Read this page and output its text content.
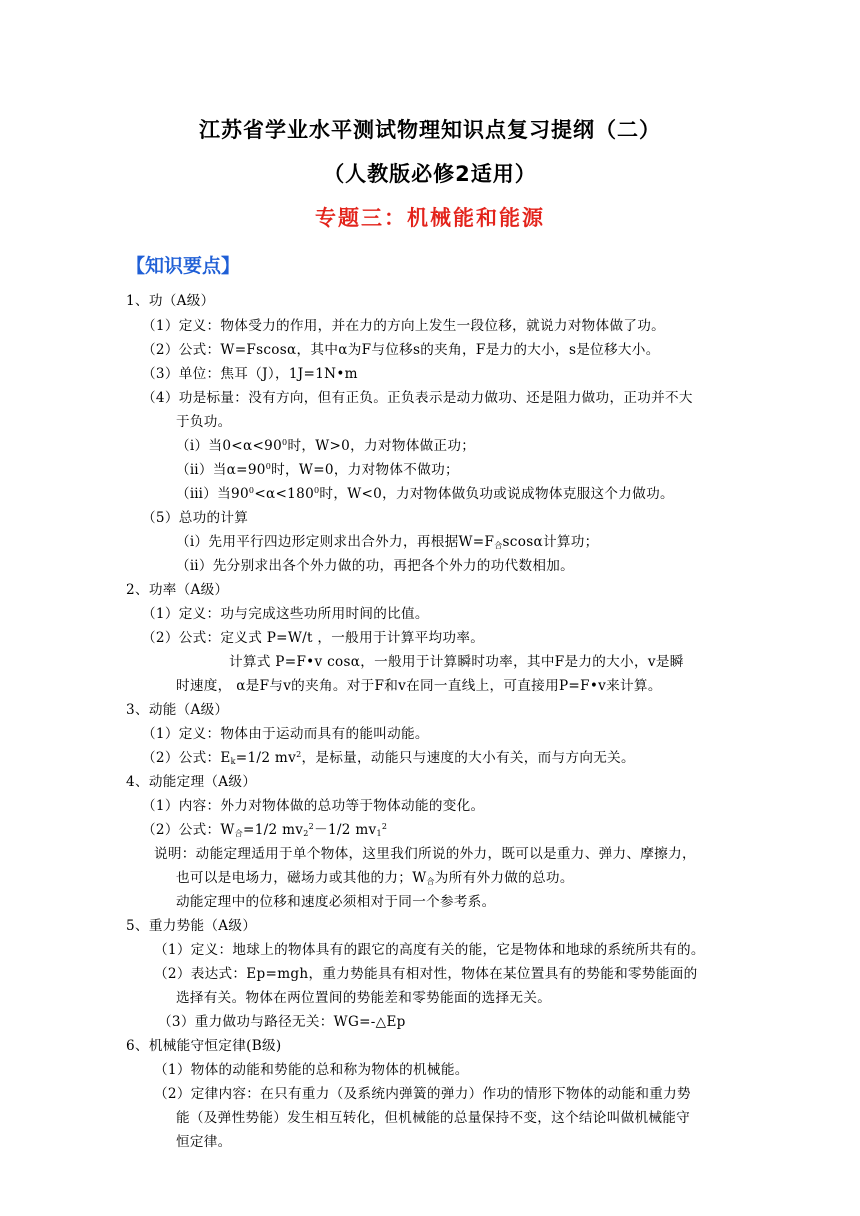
江苏省学业水平测试物理知识点复习提纲（二）
（人教版必修2适用）
专题三：机械能和能源
【知识要点】
1、功（A级）
（1）定义：物体受力的作用，并在力的方向上发生一段位移，就说力对物体做了功。
（2）公式：W=Fscosα，其中α为F与位移s的夹角，F是力的大小，s是位移大小。
（3）单位：焦耳（J），1J=1N•m
（4）功是标量：没有方向，但有正负。正负表示是动力做功、还是阻力做功，正功并不大
于负功。
（ⅰ）当$0<\alpha<90^0$时，W>0，力对物体做正功；
（ⅱ）当$\alpha=90^0$时，W=0，力对物体不做功；
（ⅲ）当$90^0<\alpha<180^0$时，W<0，力对物体做负功或说成物体克服这个力做功。
（5）总功的计算
（ⅰ）先用平行四边形定则求出合外力，再根据$W=F_合scos\alpha$计算功；
（ⅱ）先分别求出各个外力做的功，再把各个外力的功代数相加。
2、功率（A级）
（1）定义：功与完成这些功所用时间的比值。
（2）公式：定义式 P=W/t ，一般用于计算平均功率。
计算式 P=F•v cosα，一般用于计算瞬时功率，其中F是力的大小，v是瞬
时速度， α是F与v的夹角。对于F和v在同一直线上，可直接用P=F•v来计算。
3、动能（A级）
（1）定义：物体由于运动而具有的能叫动能。
（2）公式：$E_k=1/2$ $mv^2$，是标量，动能只与速度的大小有关，而与方向无关。
4、动能定理（A级）
（1）内容：外力对物体做的总功等于物体动能的变化。
（2）公式：$W_合=1/2$ $mv_2^2-1/2$ $mv_1^2$
说明：动能定理适用于单个物体，这里我们所说的外力，既可以是重力、弹力、摩擦力，
也可以是电场力，磁场力或其他的力；$W_合$为所有外力做的总功。
动能定理中的位移和速度必须相对于同一个参考系。
5、重力势能（A级）
（1）定义：地球上的物体具有的跟它的高度有关的能，它是物体和地球的系统所共有的。
（2）表达式：Ep=mgh，重力势能具有相对性，物体在某位置具有的势能和零势能面的
选择有关。物体在两位置间的势能差和零势能面的选择无关。
（3）重力做功与路径无关：WG=-△Ep
6、机械能守恒定律(B级)
（1）物体的动能和势能的总和称为物体的机械能。
（2）定律内容：在只有重力（及系统内弹簧的弹力）作功的情形下物体的动能和重力势
能（及弹性势能）发生相互转化，但机械能的总量保持不变，这个结论叫做机械能守
恒定律。
